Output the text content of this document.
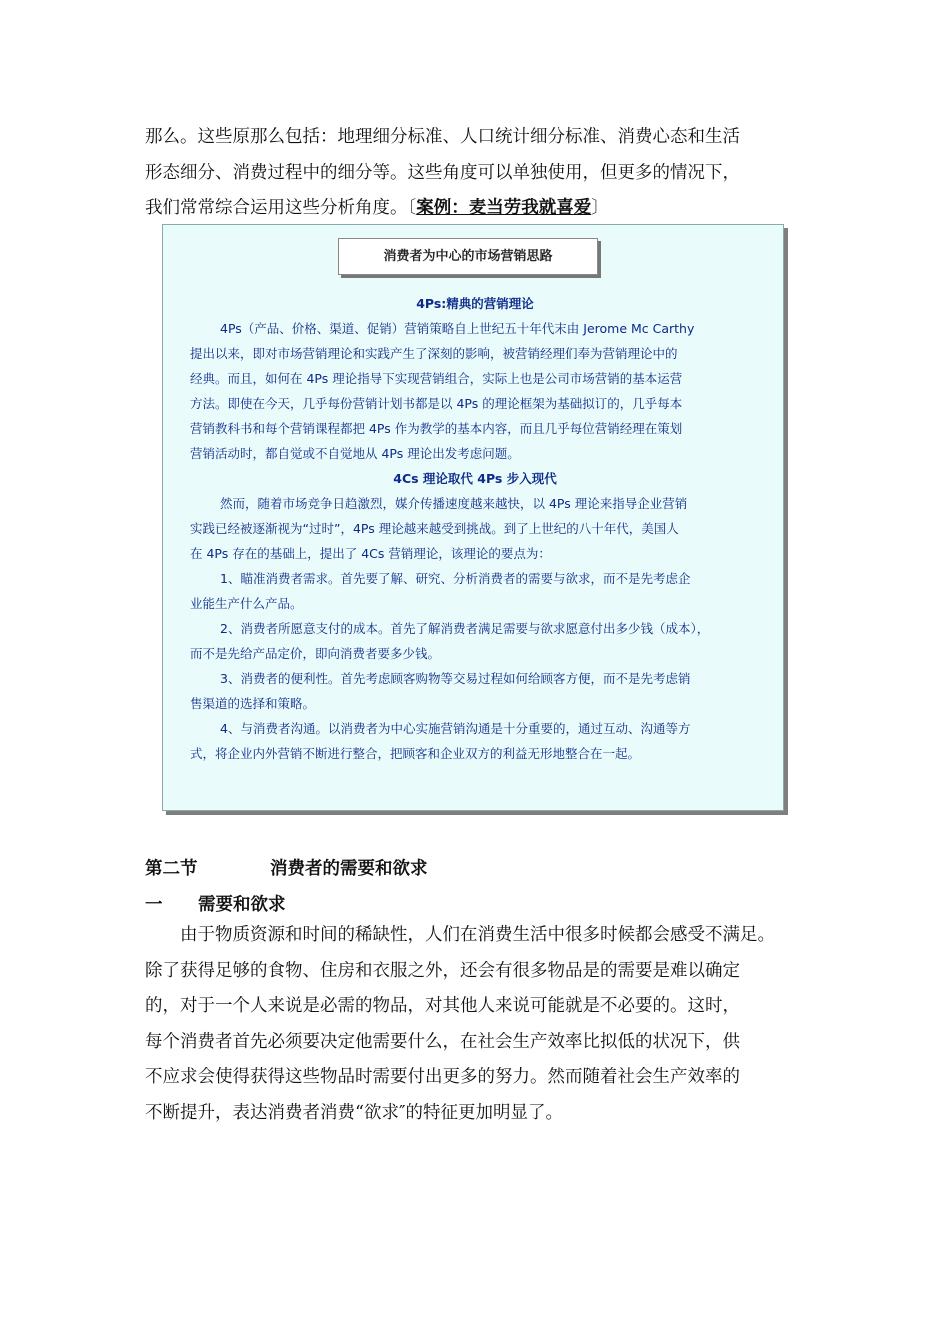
那么。这些原那么包括：地理细分标准、人口统计细分标准、消费心态和生活
形态细分、消费过程中的细分等。这些角度可以单独使用，但更多的情况下，
我们常常综合运用这些分析角度。〔案例：麦当劳我就喜爱〕
消费者为中心的市场营销思路
4Ps:精典的营销理论
4Ps（产品、价格、渠道、促销）营销策略自上世纪五十年代末由 Jerome Mc Carthy
提出以来，即对市场营销理论和实践产生了深刻的影响，被营销经理们奉为营销理论中的
经典。而且，如何在 4Ps 理论指导下实现营销组合，实际上也是公司市场营销的基本运营
方法。即使在今天，几乎每份营销计划书都是以 4Ps 的理论框架为基础拟订的，几乎每本
营销教科书和每个营销课程都把 4Ps 作为教学的基本内容，而且几乎每位营销经理在策划
营销活动时，都自觉或不自觉地从 4Ps 理论出发考虑问题。
4Cs 理论取代 4Ps 步入现代
然而，随着市场竞争日趋激烈，媒介传播速度越来越快，以 4Ps 理论来指导企业营销
实践已经被逐渐视为“过时”，4Ps 理论越来越受到挑战。到了上世纪的八十年代，美国人
在 4Ps 存在的基础上，提出了 4Cs 营销理论，该理论的要点为：
1、瞄准消费者需求。首先要了解、研究、分析消费者的需要与欲求，而不是先考虑企
业能生产什么产品。
2、消费者所愿意支付的成本。首先了解消费者满足需要与欲求愿意付出多少钱（成本），
而不是先给产品定价，即向消费者要多少钱。
3、消费者的便利性。首先考虑顾客购物等交易过程如何给顾客方便，而不是先考虑销
售渠道的选择和策略。
4、与消费者沟通。以消费者为中心实施营销沟通是十分重要的，通过互动、沟通等方
式，将企业内外营销不断进行整合，把顾客和企业双方的利益无形地整合在一起。
第二节	消费者的需要和欲求
一 需要和欲求
由于物质资源和时间的稀缺性，人们在消费生活中很多时候都会感受不满足。
除了获得足够的食物、住房和衣服之外，还会有很多物品是的需要是难以确定
的，对于一个人来说是必需的物品，对其他人来说可能就是不必要的。这时，
每个消费者首先必须要决定他需要什么，在社会生产效率比拟低的状况下，供
不应求会使得获得这些物品时需要付出更多的努力。然而随着社会生产效率的
不断提升，表达消费者消费“欲求″的特征更加明显了。
